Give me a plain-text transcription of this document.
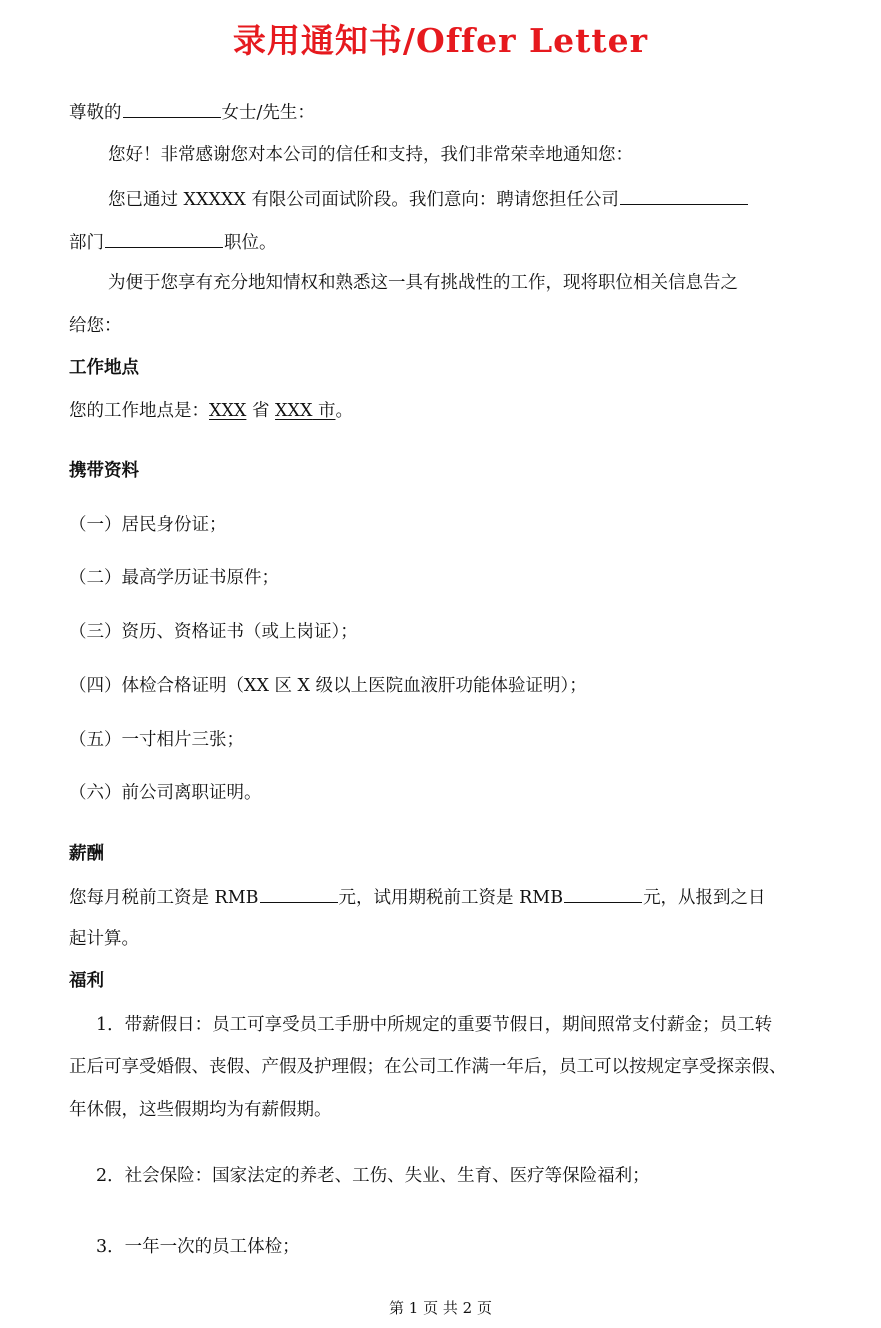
录用通知书/Offer Letter
尊敬的	女士/先生：
您好！非常感谢您对本公司的信任和支持，我们非常荣幸地通知您：
您已通过 XXXXX 有限公司面试阶段。我们意向：聘请您担任公司
部门	职位。
为便于您享有充分地知情权和熟悉这一具有挑战性的工作，现将职位相关信息告之
给您：
工作地点
您的工作地点是：XXX 省 XXX 市。
携带资料
（一）居民身份证；
（二）最高学历证书原件；
（三）资历、资格证书（或上岗证）；
（四）体检合格证明（XX 区 X 级以上医院血液肝功能体验证明）；
（五）一寸相片三张；
（六）前公司离职证明。
薪酬
您每月税前工资是 RMB	元，试用期税前工资是 RMB	元，从报到之日
起计算。
福利
1．带薪假日：员工可享受员工手册中所规定的重要节假日，期间照常支付薪金；员工转
正后可享受婚假、丧假、产假及护理假；在公司工作满一年后，员工可以按规定享受探亲假、
年休假，这些假期均为有薪假期。
2．社会保险：国家法定的养老、工伤、失业、生育、医疗等保险福利；
3．一年一次的员工体检；
第 1 页 共 2 页
